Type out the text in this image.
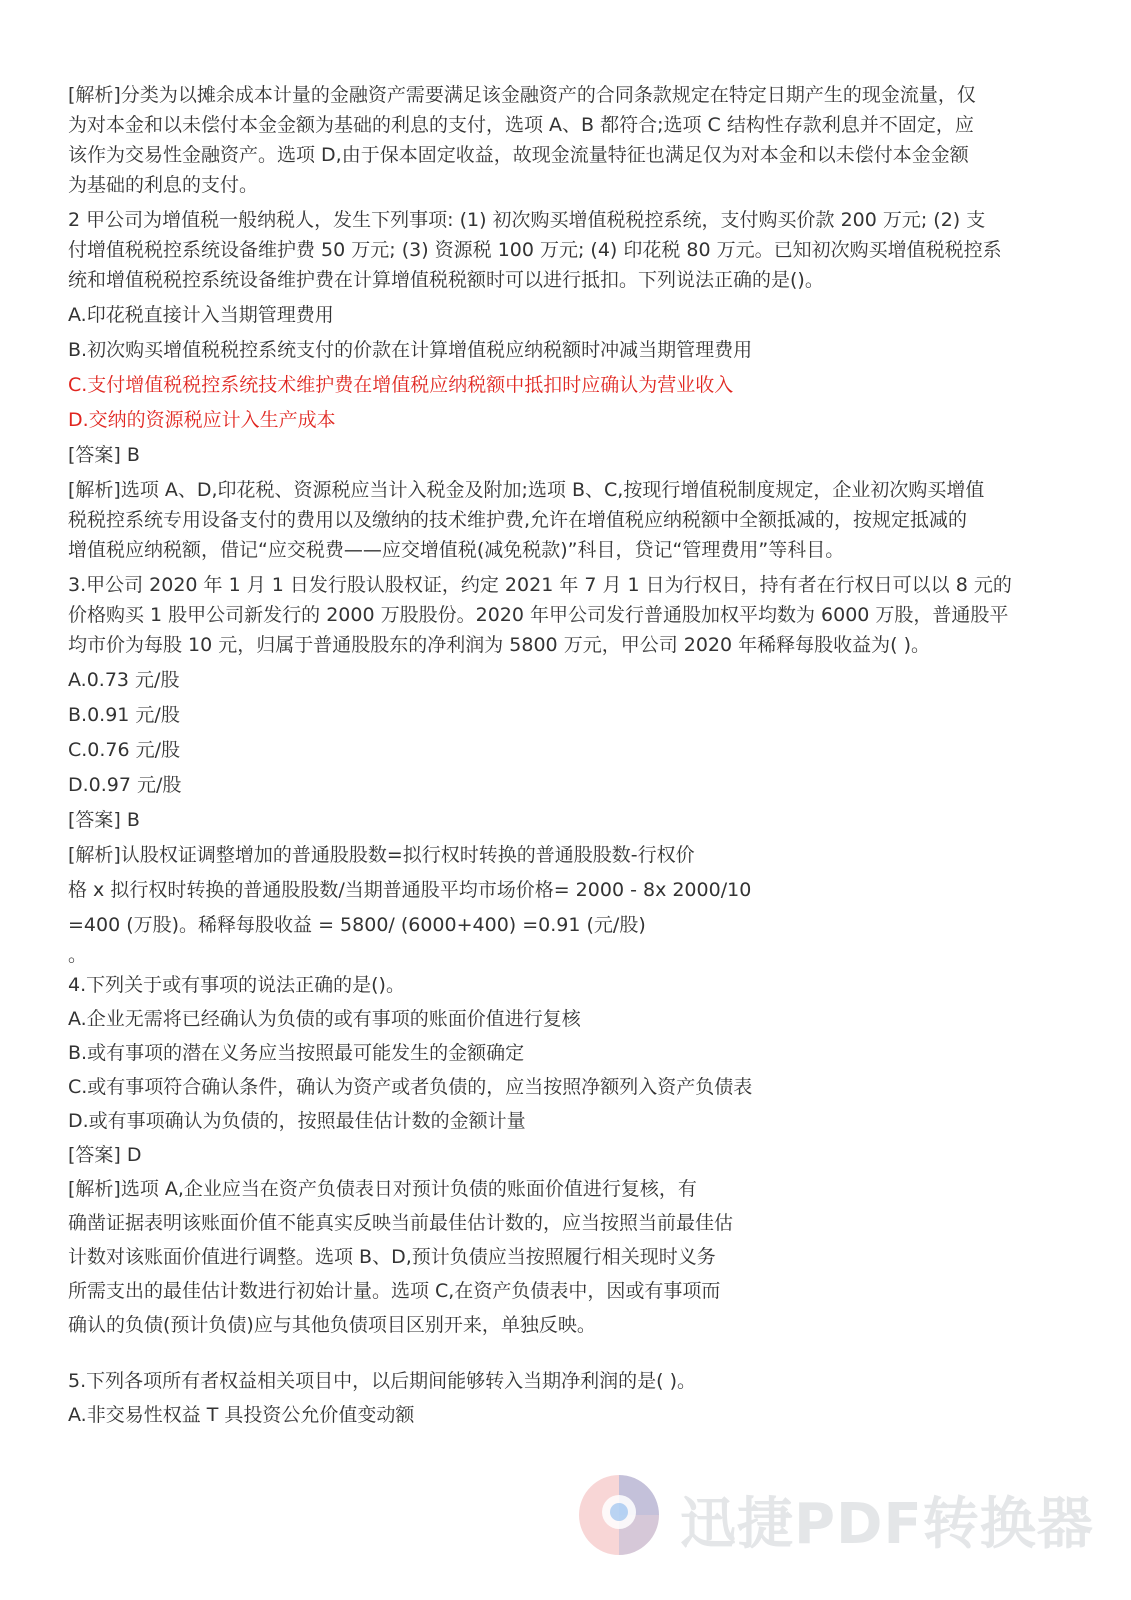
[解析]分类为以摊余成本计量的金融资产需要满足该金融资产的合同条款规定在特定日期产生的现金流量，仅
为对本金和以未偿付本金金额为基础的利息的支付，选项 A、B 都符合;选项 C 结构性存款利息并不固定，应
该作为交易性金融资产。选项 D,由于保本固定收益，故现金流量特征也满足仅为对本金和以未偿付本金金额
为基础的利息的支付。
2 甲公司为增值税一般纳税人，发生下列事项: (1) 初次购买增值税税控系统，支付购买价款 200 万元; (2) 支
付增值税税控系统设备维护费 50 万元; (3) 资源税 100 万元; (4) 印花税 80 万元。已知初次购买增值税税控系
统和增值税税控系统设备维护费在计算增值税税额时可以进行抵扣。下列说法正确的是()。
A.印花税直接计入当期管理费用
B.初次购买增值税税控系统支付的价款在计算增值税应纳税额时冲减当期管理费用
C.支付增值税税控系统技术维护费在增值税应纳税额中抵扣时应确认为营业收入
D.交纳的资源税应计入生产成本
[答案] B
[解析]选项 A、D,印花税、资源税应当计入税金及附加;选项 B、C,按现行增值税制度规定，企业初次购买增值
税税控系统专用设备支付的费用以及缴纳的技术维护费,允许在增值税应纳税额中全额抵减的，按规定抵减的
增值税应纳税额，借记“应交税费——应交增值税(减免税款)”科目，贷记“管理费用”等科目。
3.甲公司 2020 年 1 月 1 日发行股认股权证，约定 2021 年 7 月 1 日为行权日，持有者在行权日可以以 8 元的
价格购买 1 股甲公司新发行的 2000 万股股份。2020 年甲公司发行普通股加权平均数为 6000 万股，普通股平
均市价为每股 10 元，归属于普通股股东的净利润为 5800 万元，甲公司 2020 年稀释每股收益为( )。
A.0.73 元/股
B.0.91 元/股
C.0.76 元/股
D.0.97 元/股
[答案] B
[解析]认股权证调整增加的普通股股数=拟行权时转换的普通股股数-行权价
格 x 拟行权时转换的普通股股数/当期普通股平均市场价格= 2000 - 8x 2000/10
=400 (万股)。稀释每股收益 = 5800/ (6000+400) =0.91 (元/股)
。
4.下列关于或有事项的说法正确的是()。
A.企业无需将已经确认为负债的或有事项的账面价值进行复核
B.或有事项的潜在义务应当按照最可能发生的金额确定
C.或有事项符合确认条件，确认为资产或者负债的，应当按照净额列入资产负债表
D.或有事项确认为负债的，按照最佳估计数的金额计量
[答案] D
[解析]选项 A,企业应当在资产负债表日对预计负债的账面价值进行复核，有
确凿证据表明该账面价值不能真实反映当前最佳估计数的，应当按照当前最佳估
计数对该账面价值进行调整。选项 B、D,预计负债应当按照履行相关现时义务
所需支出的最佳估计数进行初始计量。选项 C,在资产负债表中，因或有事项而
确认的负债(预计负债)应与其他负债项目区别开来，单独反映。
5.下列各项所有者权益相关项目中，以后期间能够转入当期净利润的是( )。
A.非交易性权益 T 具投资公允价值变动额
迅捷PDF转换器
